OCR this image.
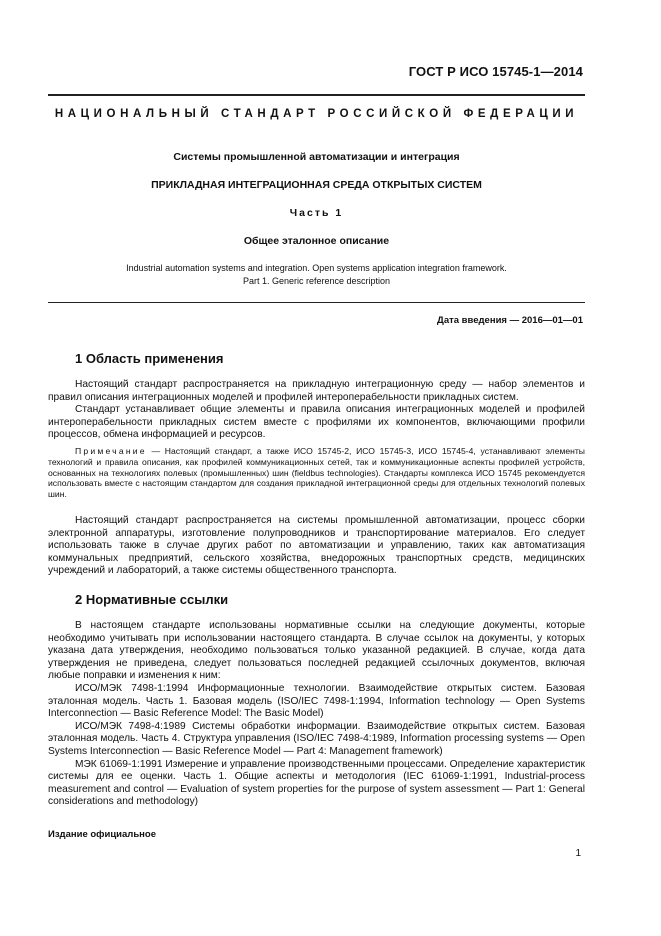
ГОСТ Р ИСО 15745-1—2014
НАЦИОНАЛЬНЫЙ СТАНДАРТ РОССИЙСКОЙ ФЕДЕРАЦИИ
Системы промышленной автоматизации и интеграция
ПРИКЛАДНАЯ ИНТЕГРАЦИОННАЯ СРЕДА ОТКРЫТЫХ СИСТЕМ
Часть 1
Общее эталонное описание
Industrial automation systems and integration. Open systems application integration framework.
Part 1. Generic reference description
Дата введения — 2016—01—01
1 Область применения

Настоящий стандарт распространяется на прикладную интеграционную среду — набор элементов и правил описания интеграционных моделей и профилей интероперабельности прикладных систем.

Стандарт устанавливает общие элементы и правила описания интеграционных моделей и профилей интероперабельности прикладных систем вместе с профилями их компонентов, включающими профили процессов, обмена информацией и ресурсов.

Примечание — Настоящий стандарт, а также ИСО 15745-2, ИСО 15745-3, ИСО 15745-4, устанавливают элементы технологий и правила описания, как профилей коммуникационных сетей, так и коммуникационные аспекты профилей устройств, основанных на технологиях полевых (промышленных) шин (fieldbus technologies). Стандарты комплекса ИСО 15745 рекомендуется использовать вместе с настоящим стандартом для создания прикладной интеграционной среды для отдельных технологий полевых шин.

Настоящий стандарт распространяется на системы промышленной автоматизации, процесс сборки электронной аппаратуры, изготовление полупроводников и транспортирование материалов. Его следует использовать также в случае других работ по автоматизации и управлению, таких как автоматизация коммунальных предприятий, сельского хозяйства, внедорожных транспортных средств, медицинских учреждений и лабораторий, а также системы общественного транспорта.

2 Нормативные ссылки

В настоящем стандарте использованы нормативные ссылки на следующие документы, которые необходимо учитывать при использовании настоящего стандарта. В случае ссылок на документы, у которых указана дата утверждения, необходимо пользоваться только указанной редакцией. В случае, когда дата утверждения не приведена, следует пользоваться последней редакцией ссылочных документов, включая любые поправки и изменения к ним:

ИСО/МЭК 7498-1:1994 Информационные технологии. Взаимодействие открытых систем. Базовая эталонная модель. Часть 1. Базовая модель (ISO/IEC 7498-1:1994, Information technology — Open Systems Interconnection — Basic Reference Model: The Basic Model)

ИСО/МЭК 7498-4:1989 Системы обработки информации. Взаимодействие открытых систем. Базовая эталонная модель. Часть 4. Структура управления (ISO/IEC 7498-4:1989, Information processing systems — Open Systems Interconnection — Basic Reference Model — Part 4: Management framework)

МЭК 61069-1:1991 Измерение и управление производственными процессами. Определение характеристик системы для ее оценки. Часть 1. Общие аспекты и методология (IEC 61069-1:1991, Industrial-process measurement and control — Evaluation of system properties for the purpose of system assessment — Part 1: General considerations and methodology)

Издание официальное
1
